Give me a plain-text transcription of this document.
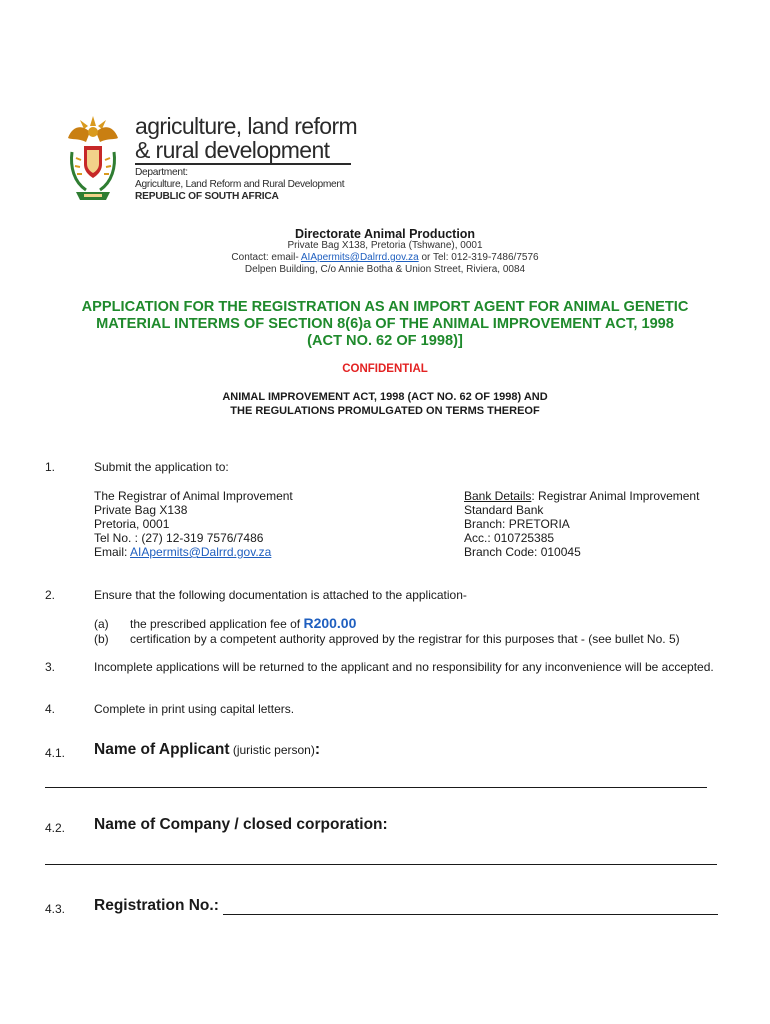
agriculture, land reform
& rural development
Department:
Agriculture, Land Reform and Rural Development
REPUBLIC OF SOUTH AFRICA
Directorate Animal Production
Private Bag X138, Pretoria (Tshwane), 0001
Contact: email- AIApermits@Dalrrd.gov.za or Tel: 012-319-7486/7576
Delpen Building, C/o Annie Botha & Union Street, Riviera, 0084
APPLICATION FOR THE REGISTRATION AS AN IMPORT AGENT FOR ANIMAL GENETIC
MATERIAL INTERMS OF SECTION 8(6)a OF THE ANIMAL IMPROVEMENT ACT, 1998
(ACT NO. 62 OF 1998)]
CONFIDENTIAL
ANIMAL IMPROVEMENT ACT, 1998 (ACT NO. 62 OF 1998) AND
THE REGULATIONS PROMULGATED ON TERMS THEREOF
1.	Submit the application to:
The Registrar of Animal Improvement
Private Bag X138
Pretoria, 0001
Tel No. : (27) 12-319 7576/7486
Email: AIApermits@Dalrrd.gov.za
Bank Details: Registrar Animal Improvement
Standard Bank
Branch: PRETORIA
Acc.: 010725385
Branch Code: 010045
2.	Ensure that the following documentation is attached to the application-
(a) the prescribed application fee of R200.00
(b) certification by a competent authority approved by the registrar for this purposes that - (see bullet No. 5)
3.	Incomplete applications will be returned to the applicant and no responsibility for any inconvenience will be accepted.
4.	Complete in print using capital letters.
4.1. Name of Applicant (juristic person):
4.2. Name of Company / closed corporation:
4.3. Registration No.:
